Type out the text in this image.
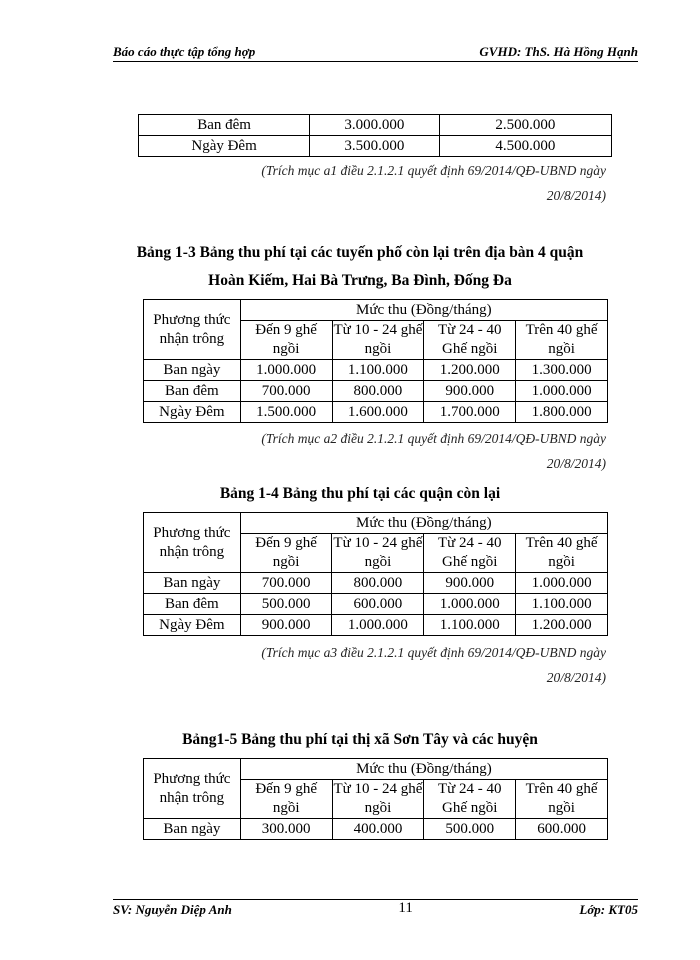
Báo cáo thực tập tổng hợp	GVHD: ThS. Hà Hồng Hạnh
Ban đêm	3.000.000	2.500.000
Ngày Đêm	3.500.000	4.500.000
(Trích mục a1 điều 2.1.2.1 quyết định 69/2014/QĐ-UBND ngày
20/8/2014)
Bảng 1-3 Bảng thu phí tại các tuyến phố còn lại trên địa bàn 4 quận
Hoàn Kiếm, Hai Bà Trưng, Ba Đình, Đống Đa
Phương thức nhận trông	Mức thu (Đồng/tháng)			
	Đến 9 ghế ngồi	Từ 10 - 24 ghế ngồi	Từ 24 - 40 Ghế ngồi	Trên 40 ghế ngồi
Ban ngày	1.000.000	1.100.000	1.200.000	1.300.000
Ban đêm	700.000	800.000	900.000	1.000.000
Ngày Đêm	1.500.000	1.600.000	1.700.000	1.800.000
(Trích mục a2 điều 2.1.2.1 quyết định 69/2014/QĐ-UBND ngày
20/8/2014)
Bảng 1-4 Bảng thu phí tại các quận còn lại
Phương thức nhận trông	Mức thu (Đồng/tháng)			
	Đến 9 ghế ngồi	Từ 10 - 24 ghế ngồi	Từ 24 - 40 Ghế ngồi	Trên 40 ghế ngồi
Ban ngày	700.000	800.000	900.000	1.000.000
Ban đêm	500.000	600.000	1.000.000	1.100.000
Ngày Đêm	900.000	1.000.000	1.100.000	1.200.000
(Trích mục a3 điều 2.1.2.1 quyết định 69/2014/QĐ-UBND ngày
20/8/2014)
Bảng1-5 Bảng thu phí tại thị xã Sơn Tây và các huyện
Phương thức nhận trông	Mức thu (Đồng/tháng)			
	Đến 9 ghế ngồi	Từ 10 - 24 ghế ngồi	Từ 24 - 40 Ghế ngồi	Trên 40 ghế ngồi
Ban ngày	300.000	400.000	500.000	600.000
SV: Nguyễn Diệp Anh	11	Lớp: KT05
